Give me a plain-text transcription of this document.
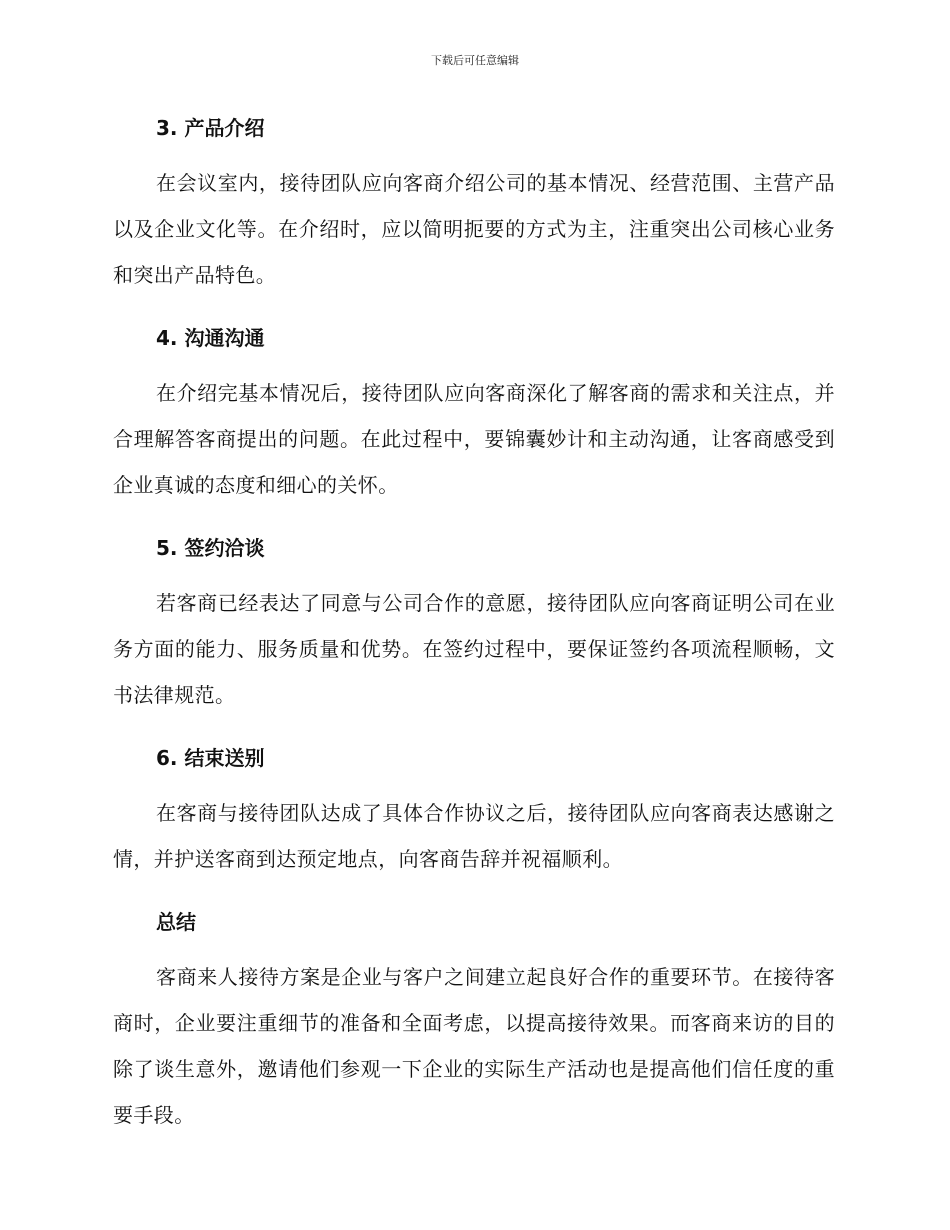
下载后可任意编辑
3. 产品介绍

在会议室内，接待团队应向客商介绍公司的基本情况、经营范围、主营产品以及企业文化等。在介绍时，应以简明扼要的方式为主，注重突出公司核心业务和突出产品特色。

4. 沟通沟通

在介绍完基本情况后，接待团队应向客商深化了解客商的需求和关注点，并合理解答客商提出的问题。在此过程中，要锦囊妙计和主动沟通，让客商感受到企业真诚的态度和细心的关怀。

5. 签约洽谈

若客商已经表达了同意与公司合作的意愿，接待团队应向客商证明公司在业务方面的能力、服务质量和优势。在签约过程中，要保证签约各项流程顺畅，文书法律规范。

6. 结束送别

在客商与接待团队达成了具体合作协议之后，接待团队应向客商表达感谢之情，并护送客商到达预定地点，向客商告辞并祝福顺利。

总结

客商来人接待方案是企业与客户之间建立起良好合作的重要环节。在接待客商时，企业要注重细节的准备和全面考虑，以提高接待效果。而客商来访的目的除了谈生意外，邀请他们参观一下企业的实际生产活动也是提高他们信任度的重要手段。
